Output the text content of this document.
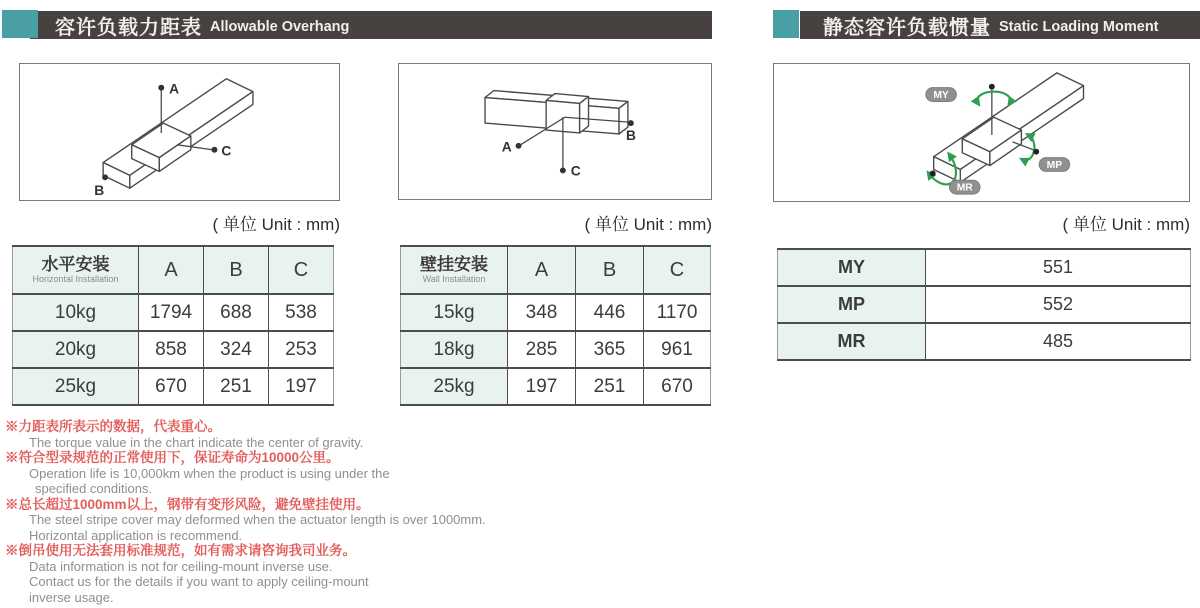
容许负载力距表 Allowable Overhang	静态容许负载惯量 Static Loading Moment
A
C
B
A
C
B
MY
MP
MR
( 单位 Unit : mm)	( 单位 Unit : mm)	( 单位 Unit : mm)
水平安装
Horizontal Installation	A	B	C
10kg	1794	688	538
20kg	858	324	253
25kg	670	251	197
壁挂安装
Wall Installation	A	B	C
15kg	348	446	1170
18kg	285	365	961
25kg	197	251	670
MY	551
MP	552
MR	485
※力距表所表示的数据，代表重心。
The torque value in the chart indicate the center of gravity.
※符合型录规范的正常使用下，保证寿命为10000公里。
Operation life is 10,000km when the product is using under the
specified conditions.
※总长超过1000mm以上，钢带有变形风险，避免壁挂使用。
The steel stripe cover may deformed when the actuator length is over 1000mm.
Horizontal application is recommend.
※倒吊使用无法套用标准规范，如有需求请咨询我司业务。
Data information is not for ceiling-mount inverse use.
Contact us for the details if you want to apply ceiling-mount
inverse usage.
